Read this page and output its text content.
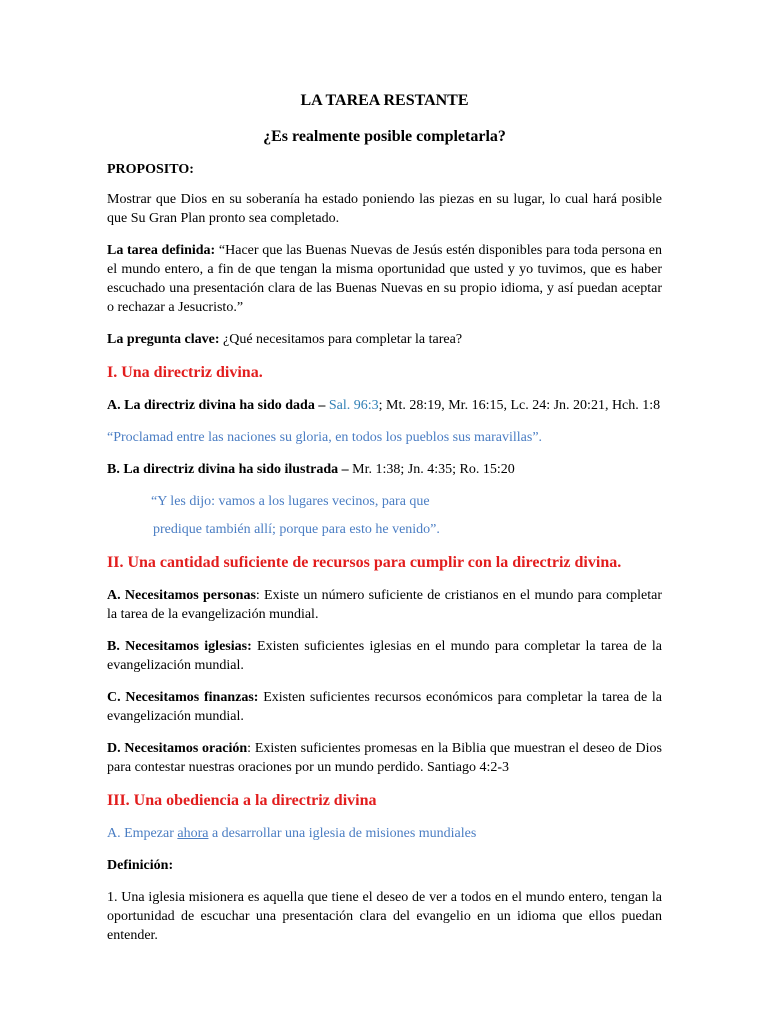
LA TAREA RESTANTE
¿Es realmente posible completarla?

PROPOSITO:

Mostrar que Dios en su soberanía ha estado poniendo las piezas en su lugar, lo cual hará posible que Su Gran Plan pronto sea completado.

La tarea definida: “Hacer que las Buenas Nuevas de Jesús estén disponibles para toda persona en el mundo entero, a fin de que tengan la misma oportunidad que usted y yo tuvimos, que es haber escuchado una presentación clara de las Buenas Nuevas en su propio idioma, y así puedan aceptar o rechazar a Jesucristo.”

La pregunta clave: ¿Qué necesitamos para completar la tarea?

I. Una directriz divina.

A. La directriz divina ha sido dada – Sal. 96:3; Mt. 28:19, Mr. 16:15, Lc. 24: Jn. 20:21, Hch. 1:8

“Proclamad entre las naciones su gloria, en todos los pueblos sus maravillas”.

B. La directriz divina ha sido ilustrada – Mr. 1:38; Jn. 4:35; Ro. 15:20

“Y les dijo: vamos a los lugares vecinos, para que

predique también allí; porque para esto he venido”.

II. Una cantidad suficiente de recursos para cumplir con la directriz divina.

A. Necesitamos personas: Existe un número suficiente de cristianos en el mundo para completar la tarea de la evangelización mundial.

B. Necesitamos iglesias: Existen suficientes iglesias en el mundo para completar la tarea de la evangelización mundial.

C. Necesitamos finanzas: Existen suficientes recursos económicos para completar la tarea de la evangelización mundial.

D. Necesitamos oración: Existen suficientes promesas en la Biblia que muestran el deseo de Dios para contestar nuestras oraciones por un mundo perdido. Santiago 4:2-3

III. Una obediencia a la directriz divina

A. Empezar ahora a desarrollar una iglesia de misiones mundiales

Definición:

1. Una iglesia misionera es aquella que tiene el deseo de ver a todos en el mundo entero, tengan la oportunidad de escuchar una presentación clara del evangelio en un idioma que ellos puedan entender.
